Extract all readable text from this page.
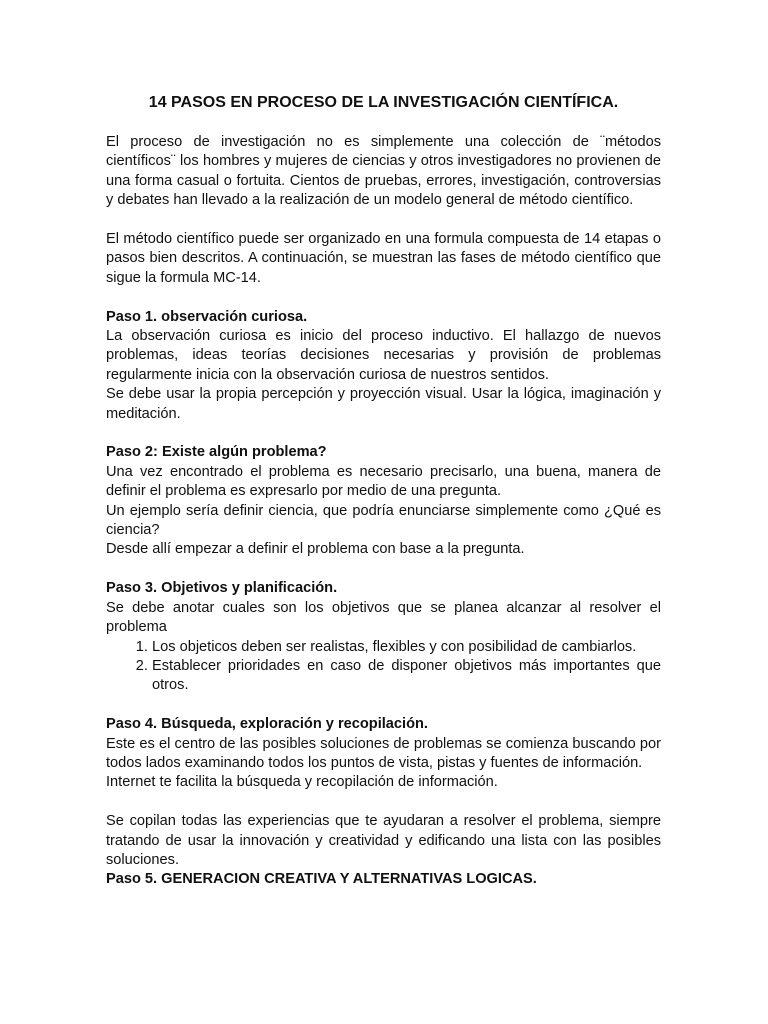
14 PASOS EN PROCESO DE LA INVESTIGACIÓN CIENTÍFICA.

El proceso de investigación no es simplemente una colección de ¨métodos científicos¨ los hombres y mujeres de ciencias y otros investigadores no provienen de una forma casual o fortuita. Cientos de pruebas, errores, investigación, controversias y debates han llevado a la realización de un modelo general de método científico.

El método científico puede ser organizado en una formula compuesta de 14 etapas o pasos bien descritos. A continuación, se muestran las fases de método científico que sigue la formula MC-14.

Paso 1. observación curiosa.

La observación curiosa es inicio del proceso inductivo. El hallazgo de nuevos problemas, ideas teorías decisiones necesarias y provisión de problemas regularmente inicia con la observación curiosa de nuestros sentidos.

Se debe usar la propia percepción y proyección visual. Usar la lógica, imaginación y meditación.

Paso 2: Existe algún problema?

Una vez encontrado el problema es necesario precisarlo, una buena, manera de definir el problema es expresarlo por medio de una pregunta.

Un ejemplo sería definir ciencia, que podría enunciarse simplemente como ¿Qué es ciencia?

Desde allí empezar a definir el problema con base a la pregunta.

Paso 3. Objetivos y planificación.

Se debe anotar cuales son los objetivos que se planea alcanzar al resolver el problema

1. Los objeticos deben ser realistas, flexibles y con posibilidad de cambiarlos.
2. Establecer prioridades en caso de disponer objetivos más importantes que otros.
Paso 4. Búsqueda, exploración y recopilación.

Este es el centro de las posibles soluciones de problemas se comienza buscando por todos lados examinando todos los puntos de vista, pistas y fuentes de información.

Internet te facilita la búsqueda y recopilación de información.

Se copilan todas las experiencias que te ayudaran a resolver el problema, siempre tratando de usar la innovación y creatividad y edificando una lista con las posibles soluciones.

Paso 5. GENERACION CREATIVA Y ALTERNATIVAS LOGICAS.
